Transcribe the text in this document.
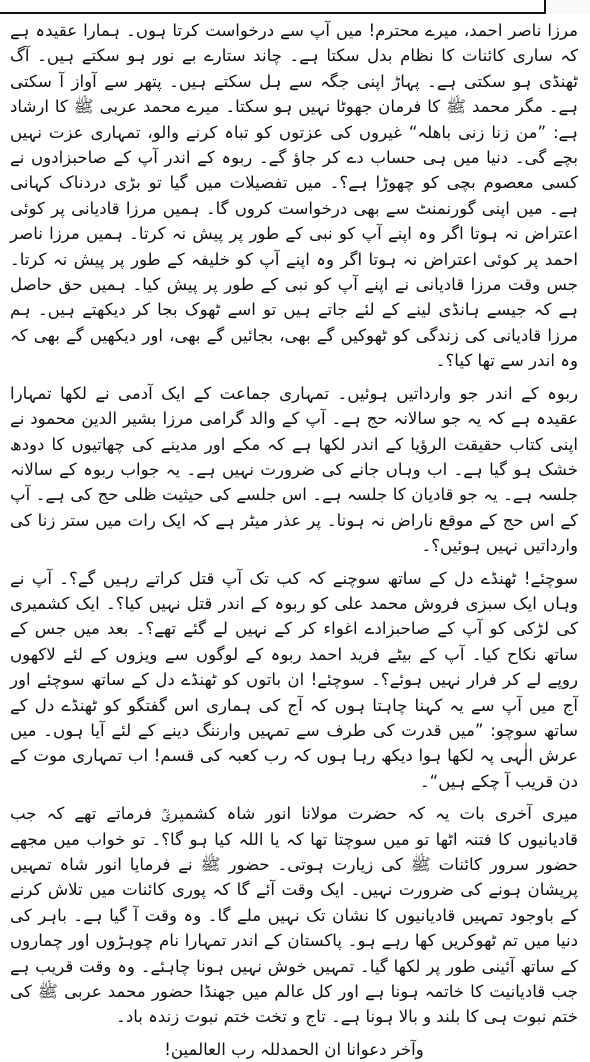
مرزا ناصر احمد، میرے محترم! میں آپ سے درخواست کرتا ہوں۔ ہمارا عقیدہ ہے کہ ساری کائنات کا نظام بدل سکتا ہے۔ چاند ستارے بے نور ہو سکتے ہیں۔ آگ ٹھنڈی ہو سکتی ہے۔ پہاڑ اپنی جگہ سے ہل سکتے ہیں۔ پتھر سے آواز آ سکتی ہے۔ مگر محمد ﷺ کا فرمان جھوٹا نہیں ہو سکتا۔ میرے محمد عربی ﷺ کا ارشاد ہے: ”من زنا زنی باھلہ“ غیروں کی عزتوں کو تباہ کرنے والو، تمہاری عزت نہیں بچے گی۔ دنیا میں ہی حساب دے کر جاؤ گے۔ ربوہ کے اندر آپ کے صاحبزادوں نے کسی معصوم بچی کو چھوڑا ہے؟۔ میں تفصیلات میں گیا تو بڑی دردناک کہانی ہے۔ میں اپنی گورنمنٹ سے بھی درخواست کروں گا۔ ہمیں مرزا قادیانی پر کوئی اعتراض نہ ہوتا اگر وہ اپنے آپ کو نبی کے طور پر پیش نہ کرتا۔ ہمیں مرزا ناصر احمد پر کوئی اعتراض نہ ہوتا اگر وہ اپنے آپ کو خلیفہ کے طور پر پیش نہ کرتا۔ جس وقت مرزا قادیانی نے اپنے آپ کو نبی کے طور پر پیش کیا۔ ہمیں حق حاصل ہے کہ جیسے ہانڈی لینے کے لئے جاتے ہیں تو اسے ٹھوک بجا کر دیکھتے ہیں۔ ہم مرزا قادیانی کی زندگی کو ٹھوکیں گے بھی، بجائیں گے بھی، اور دیکھیں گے بھی کہ وہ اندر سے تھا کیا؟۔

ربوہ کے اندر جو وارداتیں ہوئیں۔ تمہاری جماعت کے ایک آدمی نے لکھا تمہارا عقیدہ ہے کہ یہ جو سالانہ حج ہے۔ آپ کے والد گرامی مرزا بشیر الدین محمود نے اپنی کتاب حقیقت الرؤیا کے اندر لکھا ہے کہ مکے اور مدینے کی چھاتیوں کا دودھ خشک ہو گیا ہے۔ اب وہاں جانے کی ضرورت نہیں ہے۔ یہ جواب ربوہ کے سالانہ جلسہ ہے۔ یہ جو قادیان کا جلسہ ہے۔ اس جلسے کی حیثیت ظلی حج کی ہے۔ آپ کے اس حج کے موقع ناراض نہ ہونا۔ پر عذر میٹر ہے کہ ایک رات میں ستر زنا کی وارداتیں نہیں ہوئیں؟۔

سوچئے! ٹھنڈے دل کے ساتھ سوچنے کہ کب تک آپ قتل کراتے رہیں گے؟۔ آپ نے وہاں ایک سبزی فروش محمد علی کو ربوہ کے اندر قتل نہیں کیا؟۔ ایک کشمیری کی لڑکی کو آپ کے صاحبزادے اغواء کر کے نہیں لے گئے تھے؟۔ بعد میں جس کے ساتھ نکاح کیا۔ آپ کے بیٹے فرید احمد ربوہ کے لوگوں سے ویزوں کے لئے لاکھوں روپے لے کر فرار نہیں ہوئے؟۔ سوچئے! ان باتوں کو ٹھنڈے دل کے ساتھ سوچئے اور آج میں آپ سے یہ کہنا چاہتا ہوں کہ آج کی ہماری اس گفتگو کو ٹھنڈے دل کے ساتھ سوچو: ”میں قدرت کی طرف سے تمہیں وارننگ دینے کے لئے آیا ہوں۔ میں عرش الٰہی پہ لکھا ہوا دیکھ رہا ہوں کہ رب کعبہ کی قسم! اب تمہاری موت کے دن قریب آ چکے ہیں“۔

میری آخری بات یہ کہ حضرت مولانا انور شاہ کشمیریؒ فرماتے تھے کہ جب قادیانیوں کا فتنہ اٹھا تو میں سوچتا تھا کہ یا اللہ کیا ہو گا؟۔ تو خواب میں مجھے حضور سرور کائنات ﷺ کی زیارت ہوتی۔ حضور ﷺ نے فرمایا انور شاہ تمہیں پریشان ہونے کی ضرورت نہیں۔ ایک وقت آئے گا کہ پوری کائنات میں تلاش کرنے کے باوجود تمہیں قادیانیوں کا نشان تک نہیں ملے گا۔ وہ وقت آ گیا ہے۔ باہر کی دنیا میں تم ٹھوکریں کھا رہے ہو۔ پاکستان کے اندر تمہارا نام چوہڑوں اور چماروں کے ساتھ آئینی طور پر لکھا گیا۔ تمہیں خوش نہیں ہونا چاہئے۔ وہ وقت قریب ہے جب قادیانیت کا خاتمہ ہونا ہے اور کل عالم میں جھنڈا حضور محمد عربی ﷺ کی ختم نبوت ہی کا بلند و بالا ہونا ہے۔ تاج و تخت ختم نبوت زندہ باد۔

وآخر دعوانا ان الحمدللہ رب العالمین!
